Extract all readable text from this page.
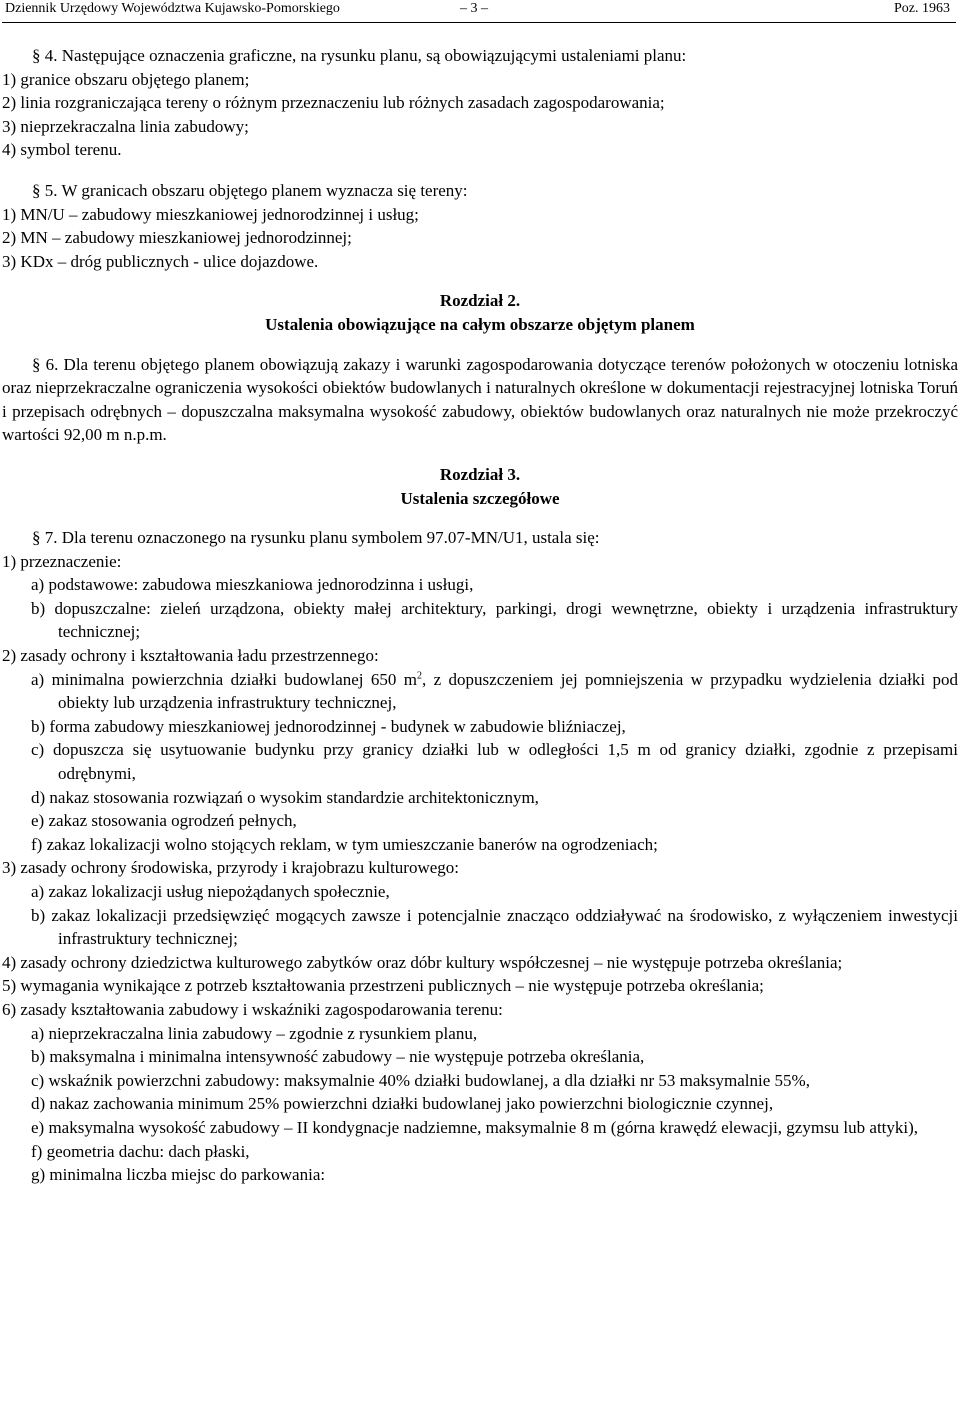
Dziennik Urzędowy Województwa Kujawsko-Pomorskiego	– 3 –	Poz. 1963

§ 4. Następujące oznaczenia graficzne, na rysunku planu, są obowiązującymi ustaleniami planu:

1) granice obszaru objętego planem;

2) linia rozgraniczająca tereny o różnym przeznaczeniu lub różnych zasadach zagospodarowania;

3) nieprzekraczalna linia zabudowy;

4) symbol terenu.

§ 5. W granicach obszaru objętego planem wyznacza się tereny:

1) MN/U – zabudowy mieszkaniowej jednorodzinnej i usług;

2) MN – zabudowy mieszkaniowej jednorodzinnej;

3) KDx – dróg publicznych - ulice dojazdowe.

Rozdział 2.

Ustalenia obowiązujące na całym obszarze objętym planem

§ 6. Dla terenu objętego planem obowiązują zakazy i warunki zagospodarowania dotyczące terenów położonych w otoczeniu lotniska oraz nieprzekraczalne ograniczenia wysokości obiektów budowlanych i naturalnych określone w dokumentacji rejestracyjnej lotniska Toruń i przepisach odrębnych – dopuszczalna maksymalna wysokość zabudowy, obiektów budowlanych oraz naturalnych nie może przekroczyć wartości 92,00 m n.p.m.

Rozdział 3.

Ustalenia szczegółowe

§ 7. Dla terenu oznaczonego na rysunku planu symbolem 97.07-MN/U1, ustala się:

1) przeznaczenie:

a) podstawowe: zabudowa mieszkaniowa jednorodzinna i usługi,

b) dopuszczalne: zieleń urządzona, obiekty małej architektury, parkingi, drogi wewnętrzne, obiekty i urządzenia infrastruktury technicznej;

2) zasady ochrony i kształtowania ładu przestrzennego:

a) minimalna powierzchnia działki budowlanej 650 $m^2$, z dopuszczeniem jej pomniejszenia w przypadku wydzielenia działki pod obiekty lub urządzenia infrastruktury technicznej,

b) forma zabudowy mieszkaniowej jednorodzinnej - budynek w zabudowie bliźniaczej,

c) dopuszcza się usytuowanie budynku przy granicy działki lub w odległości 1,5 m od granicy działki, zgodnie z przepisami odrębnymi,

d) nakaz stosowania rozwiązań o wysokim standardzie architektonicznym,

e) zakaz stosowania ogrodzeń pełnych,

f) zakaz lokalizacji wolno stojących reklam, w tym umieszczanie banerów na ogrodzeniach;

3) zasady ochrony środowiska, przyrody i krajobrazu kulturowego:

a) zakaz lokalizacji usług niepożądanych społecznie,

b) zakaz lokalizacji przedsięwzięć mogących zawsze i potencjalnie znacząco oddziaływać na środowisko, z wyłączeniem inwestycji infrastruktury technicznej;

4) zasady ochrony dziedzictwa kulturowego zabytków oraz dóbr kultury współczesnej – nie występuje potrzeba określania;

5) wymagania wynikające z potrzeb kształtowania przestrzeni publicznych – nie występuje potrzeba określania;

6) zasady kształtowania zabudowy i wskaźniki zagospodarowania terenu:

a) nieprzekraczalna linia zabudowy – zgodnie z rysunkiem planu,

b) maksymalna i minimalna intensywność zabudowy – nie występuje potrzeba określania,

c) wskaźnik powierzchni zabudowy: maksymalnie 40% działki budowlanej, a dla działki nr 53 maksymalnie 55%,

d) nakaz zachowania minimum 25% powierzchni działki budowlanej jako powierzchni biologicznie czynnej,

e) maksymalna wysokość zabudowy – II kondygnacje nadziemne, maksymalnie 8 m (górna krawędź elewacji, gzymsu lub attyki),

f) geometria dachu: dach płaski,

g) minimalna liczba miejsc do parkowania:
